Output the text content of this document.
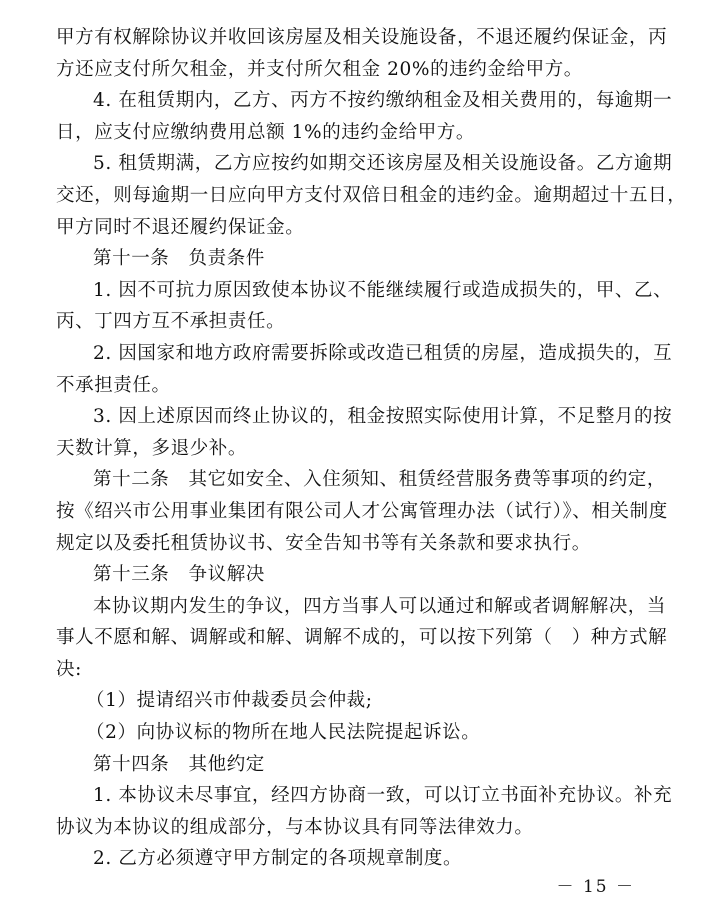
甲方有权解除协议并收回该房屋及相关设施设备，不退还履约保证金，丙
方还应支付所欠租金，并支付所欠租金 20%的违约金给甲方。
4. 在租赁期内，乙方、丙方不按约缴纳租金及相关费用的，每逾期一
日，应支付应缴纳费用总额 1%的违约金给甲方。
5. 租赁期满，乙方应按约如期交还该房屋及相关设施设备。乙方逾期
交还，则每逾期一日应向甲方支付双倍日租金的违约金。逾期超过十五日，
甲方同时不退还履约保证金。
第十一条　负责条件
1. 因不可抗力原因致使本协议不能继续履行或造成损失的，甲、乙、
丙、丁四方互不承担责任。
2. 因国家和地方政府需要拆除或改造已租赁的房屋，造成损失的，互
不承担责任。
3. 因上述原因而终止协议的，租金按照实际使用计算，不足整月的按
天数计算，多退少补。
第十二条　其它如安全、入住须知、租赁经营服务费等事项的约定，
按《绍兴市公用事业集团有限公司人才公寓管理办法（试行）》、相关制度
规定以及委托租赁协议书、安全告知书等有关条款和要求执行。
第十三条　争议解决
本协议期内发生的争议，四方当事人可以通过和解或者调解解决，当
事人不愿和解、调解或和解、调解不成的，可以按下列第（　）种方式解
决:
（1）提请绍兴市仲裁委员会仲裁;
（2）向协议标的物所在地人民法院提起诉讼。
第十四条　其他约定
1. 本协议未尽事宜，经四方协商一致，可以订立书面补充协议。补充
协议为本协议的组成部分，与本协议具有同等法律效力。
2. 乙方必须遵守甲方制定的各项规章制度。
－ 15 －
